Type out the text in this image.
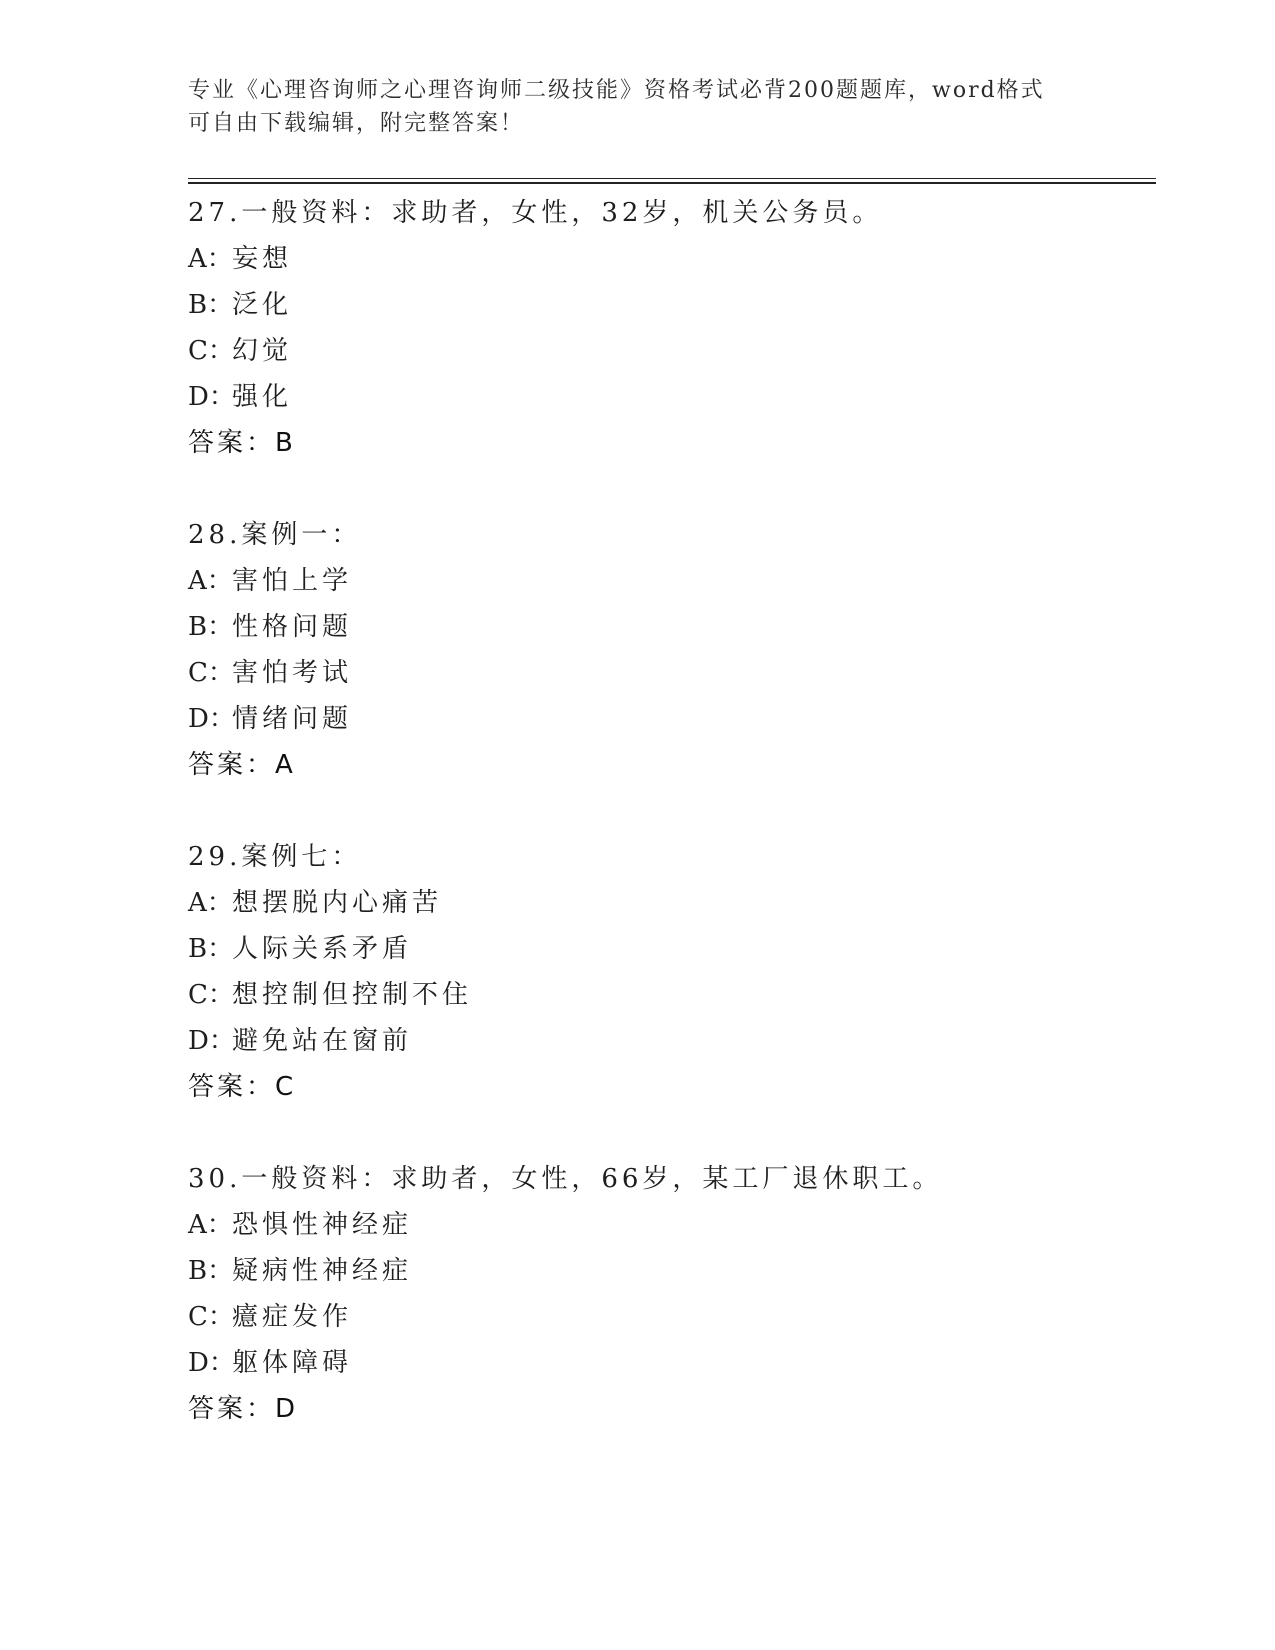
专业《心理咨询师之心理咨询师二级技能》资格考试必背200题题库，word格式
可自由下载编辑，附完整答案！
27.一般资料：求助者，女性，32岁，机关公务员。
A：妄想
B：泛化
C：幻觉
D：强化
答案：B
28.案例一：
A：害怕上学
B：性格问题
C：害怕考试
D：情绪问题
答案：A
29.案例七：
A：想摆脱内心痛苦
B：人际关系矛盾
C：想控制但控制不住
D：避免站在窗前
答案：C
30.一般资料：求助者，女性，66岁，某工厂退休职工。
A：恐惧性神经症
B：疑病性神经症
C：癔症发作
D：躯体障碍
答案：D
